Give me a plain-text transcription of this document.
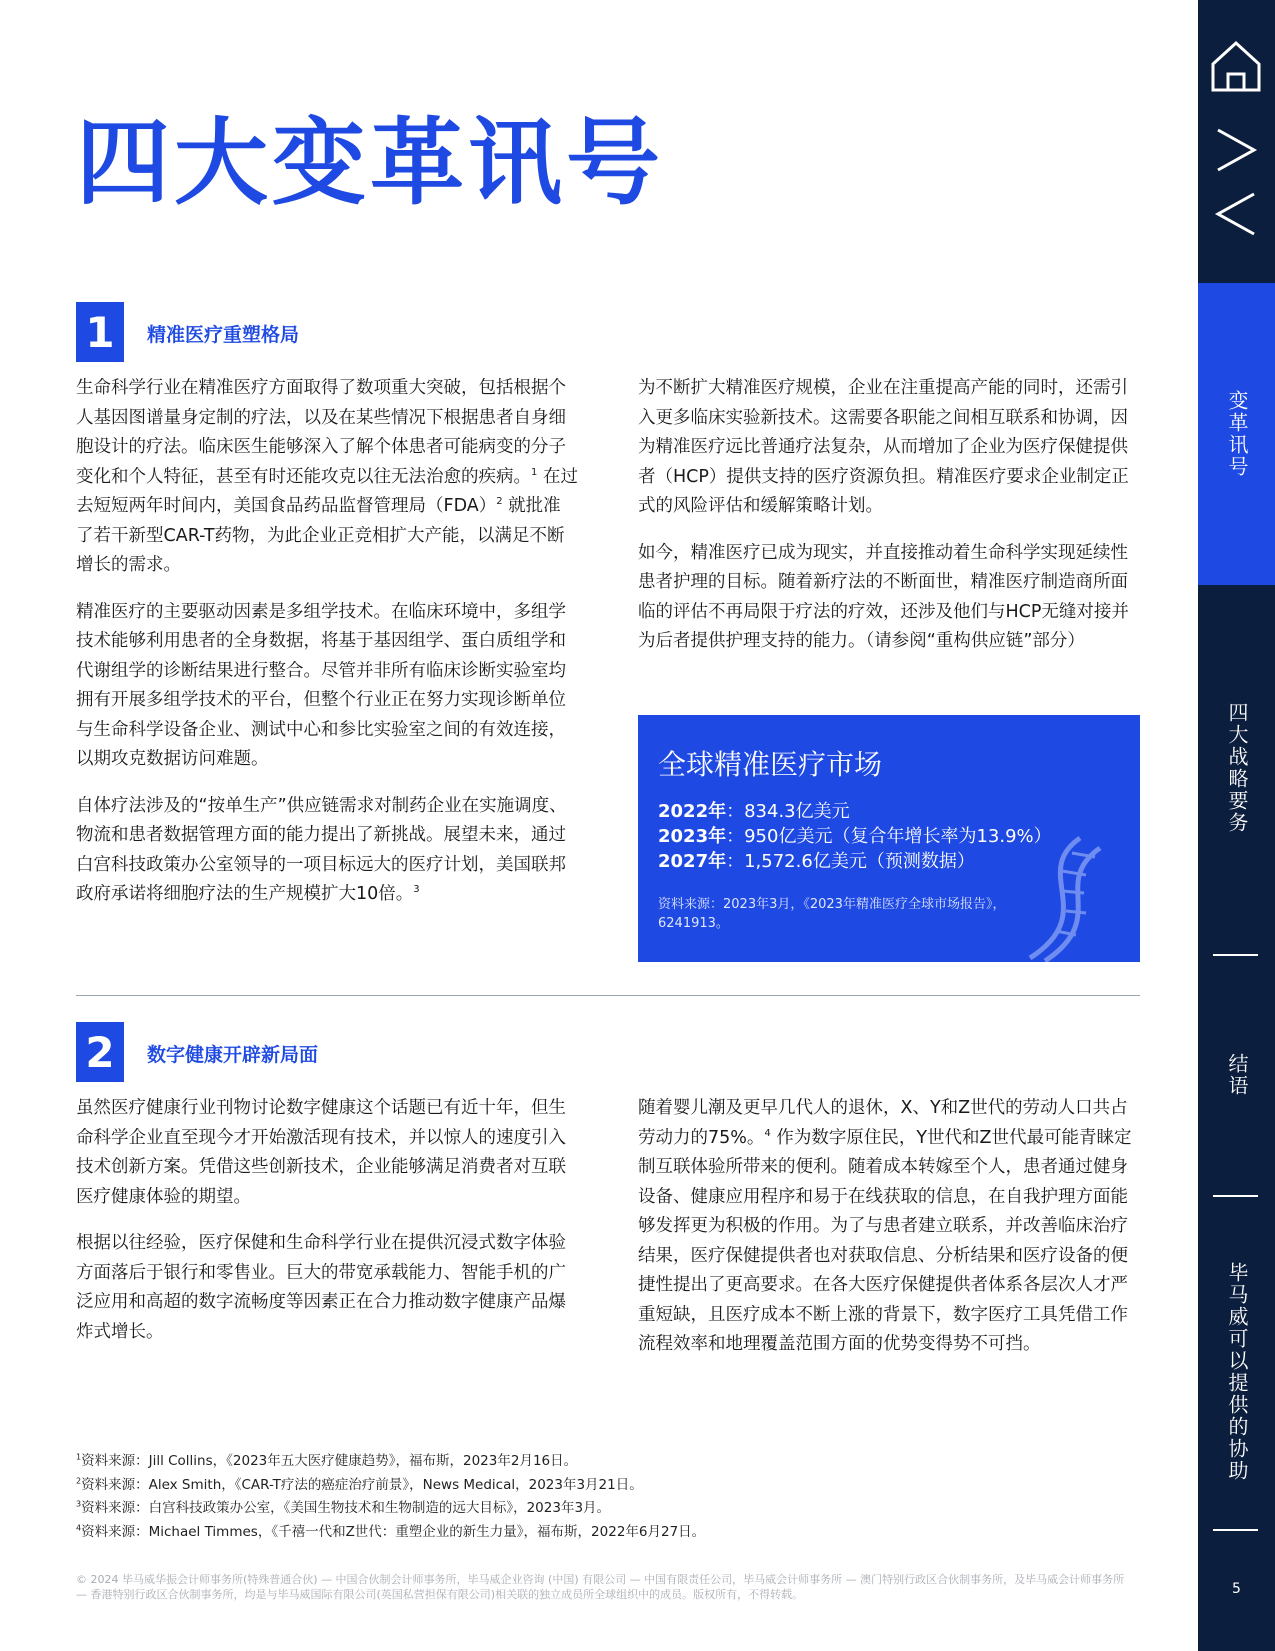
四大变革讯号
1	精准医疗重塑格局

生命科学行业在精准医疗方面取得了数项重大突破，包括根据个人基因图谱量身定制的疗法，以及在某些情况下根据患者自身细胞设计的疗法。临床医生能够深入了解个体患者可能病变的分子变化和个人特征，甚至有时还能攻克以往无法治愈的疾病。$^1$ 在过去短短两年时间内，美国食品药品监督管理局（FDA）$^2$ 就批准了若干新型CAR-T药物，为此企业正竞相扩大产能，以满足不断增长的需求。

精准医疗的主要驱动因素是多组学技术。在临床环境中，多组学技术能够利用患者的全身数据，将基于基因组学、蛋白质组学和代谢组学的诊断结果进行整合。尽管并非所有临床诊断实验室均拥有开展多组学技术的平台，但整个行业正在努力实现诊断单位与生命科学设备企业、测试中心和参比实验室之间的有效连接，以期攻克数据访问难题。

自体疗法涉及的“按单生产”供应链需求对制药企业在实施调度、物流和患者数据管理方面的能力提出了新挑战。展望未来，通过白宫科技政策办公室领导的一项目标远大的医疗计划，美国联邦政府承诺将细胞疗法的生产规模扩大10倍。$^3$

为不断扩大精准医疗规模，企业在注重提高产能的同时，还需引入更多临床实验新技术。这需要各职能之间相互联系和协调，因为精准医疗远比普通疗法复杂，从而增加了企业为医疗保健提供者（HCP）提供支持的医疗资源负担。精准医疗要求企业制定正式的风险评估和缓解策略计划。

如今，精准医疗已成为现实，并直接推动着生命科学实现延续性患者护理的目标。随着新疗法的不断面世，精准医疗制造商所面临的评估不再局限于疗法的疗效，还涉及他们与HCP无缝对接并为后者提供护理支持的能力。（请参阅“重构供应链”部分）

全球精准医疗市场
2022年：834.3亿美元
2023年：950亿美元（复合年增长率为13.9%）
2027年：1,572.6亿美元（预测数据）
资料来源：2023年3月，《2023年精准医疗全球市场报告》，6241913。
2	数字健康开辟新局面

虽然医疗健康行业刊物讨论数字健康这个话题已有近十年，但生命科学企业直至现今才开始激活现有技术，并以惊人的速度引入技术创新方案。凭借这些创新技术，企业能够满足消费者对互联医疗健康体验的期望。

根据以往经验，医疗保健和生命科学行业在提供沉浸式数字体验方面落后于银行和零售业。巨大的带宽承载能力、智能手机的广泛应用和高超的数字流畅度等因素正在合力推动数字健康产品爆炸式增长。

随着婴儿潮及更早几代人的退休，X、Y和Z世代的劳动人口共占劳动力的75%。$^4$ 作为数字原住民，Y世代和Z世代最可能青睐定制互联体验所带来的便利。随着成本转嫁至个人，患者通过健身设备、健康应用程序和易于在线获取的信息，在自我护理方面能够发挥更为积极的作用。为了与患者建立联系，并改善临床治疗结果，医疗保健提供者也对获取信息、分析结果和医疗设备的便捷性提出了更高要求。在各大医疗保健提供者体系各层次人才严重短缺，且医疗成本不断上涨的背景下，数字医疗工具凭借工作流程效率和地理覆盖范围方面的优势变得势不可挡。

$^1$资料来源：Jill Collins，《2023年五大医疗健康趋势》，福布斯，2023年2月16日。
$^2$资料来源：Alex Smith，《CAR-T疗法的癌症治疗前景》，News Medical，2023年3月21日。
$^3$资料来源：白宫科技政策办公室，《美国生物技术和生物制造的远大目标》，2023年3月。
$^4$资料来源：Michael Timmes，《千禧一代和Z世代：重塑企业的新生力量》，福布斯，2022年6月27日。
© 2024 毕马威华振会计师事务所(特殊普通合伙) — 中国合伙制会计师事务所，毕马威企业咨询 (中国) 有限公司 — 中国有限责任公司，毕马威会计师事务所 — 澳门特别行政区合伙制事务所，及毕马威会计师事务所 — 香港特别行政区合伙制事务所，均是与毕马威国际有限公司(英国私营担保有限公司)相关联的独立成员所全球组织中的成员。版权所有，不得转载。
变革讯号
四大战略要务
结语
毕马威可以提供的协助
5
